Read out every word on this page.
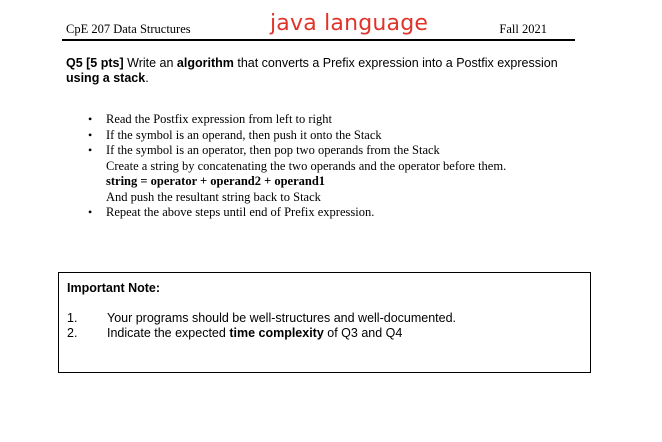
CpE 207 Data Structures	java language	Fall 2021
Q5 [5 pts] Write an algorithm that converts a Prefix expression into a Postfix expression using a stack.
•	Read the Postfix expression from left to right
•	If the symbol is an operand, then push it onto the Stack
•	If the symbol is an operator, then pop two operands from the Stack
Create a string by concatenating the two operands and the operator before them.
string = operator + operand2 + operand1
And push the resultant string back to Stack
•	Repeat the above steps until end of Prefix expression.
Important Note:
1.	Your programs should be well-structures and well-documented.
2.	Indicate the expected time complexity of Q3 and Q4
